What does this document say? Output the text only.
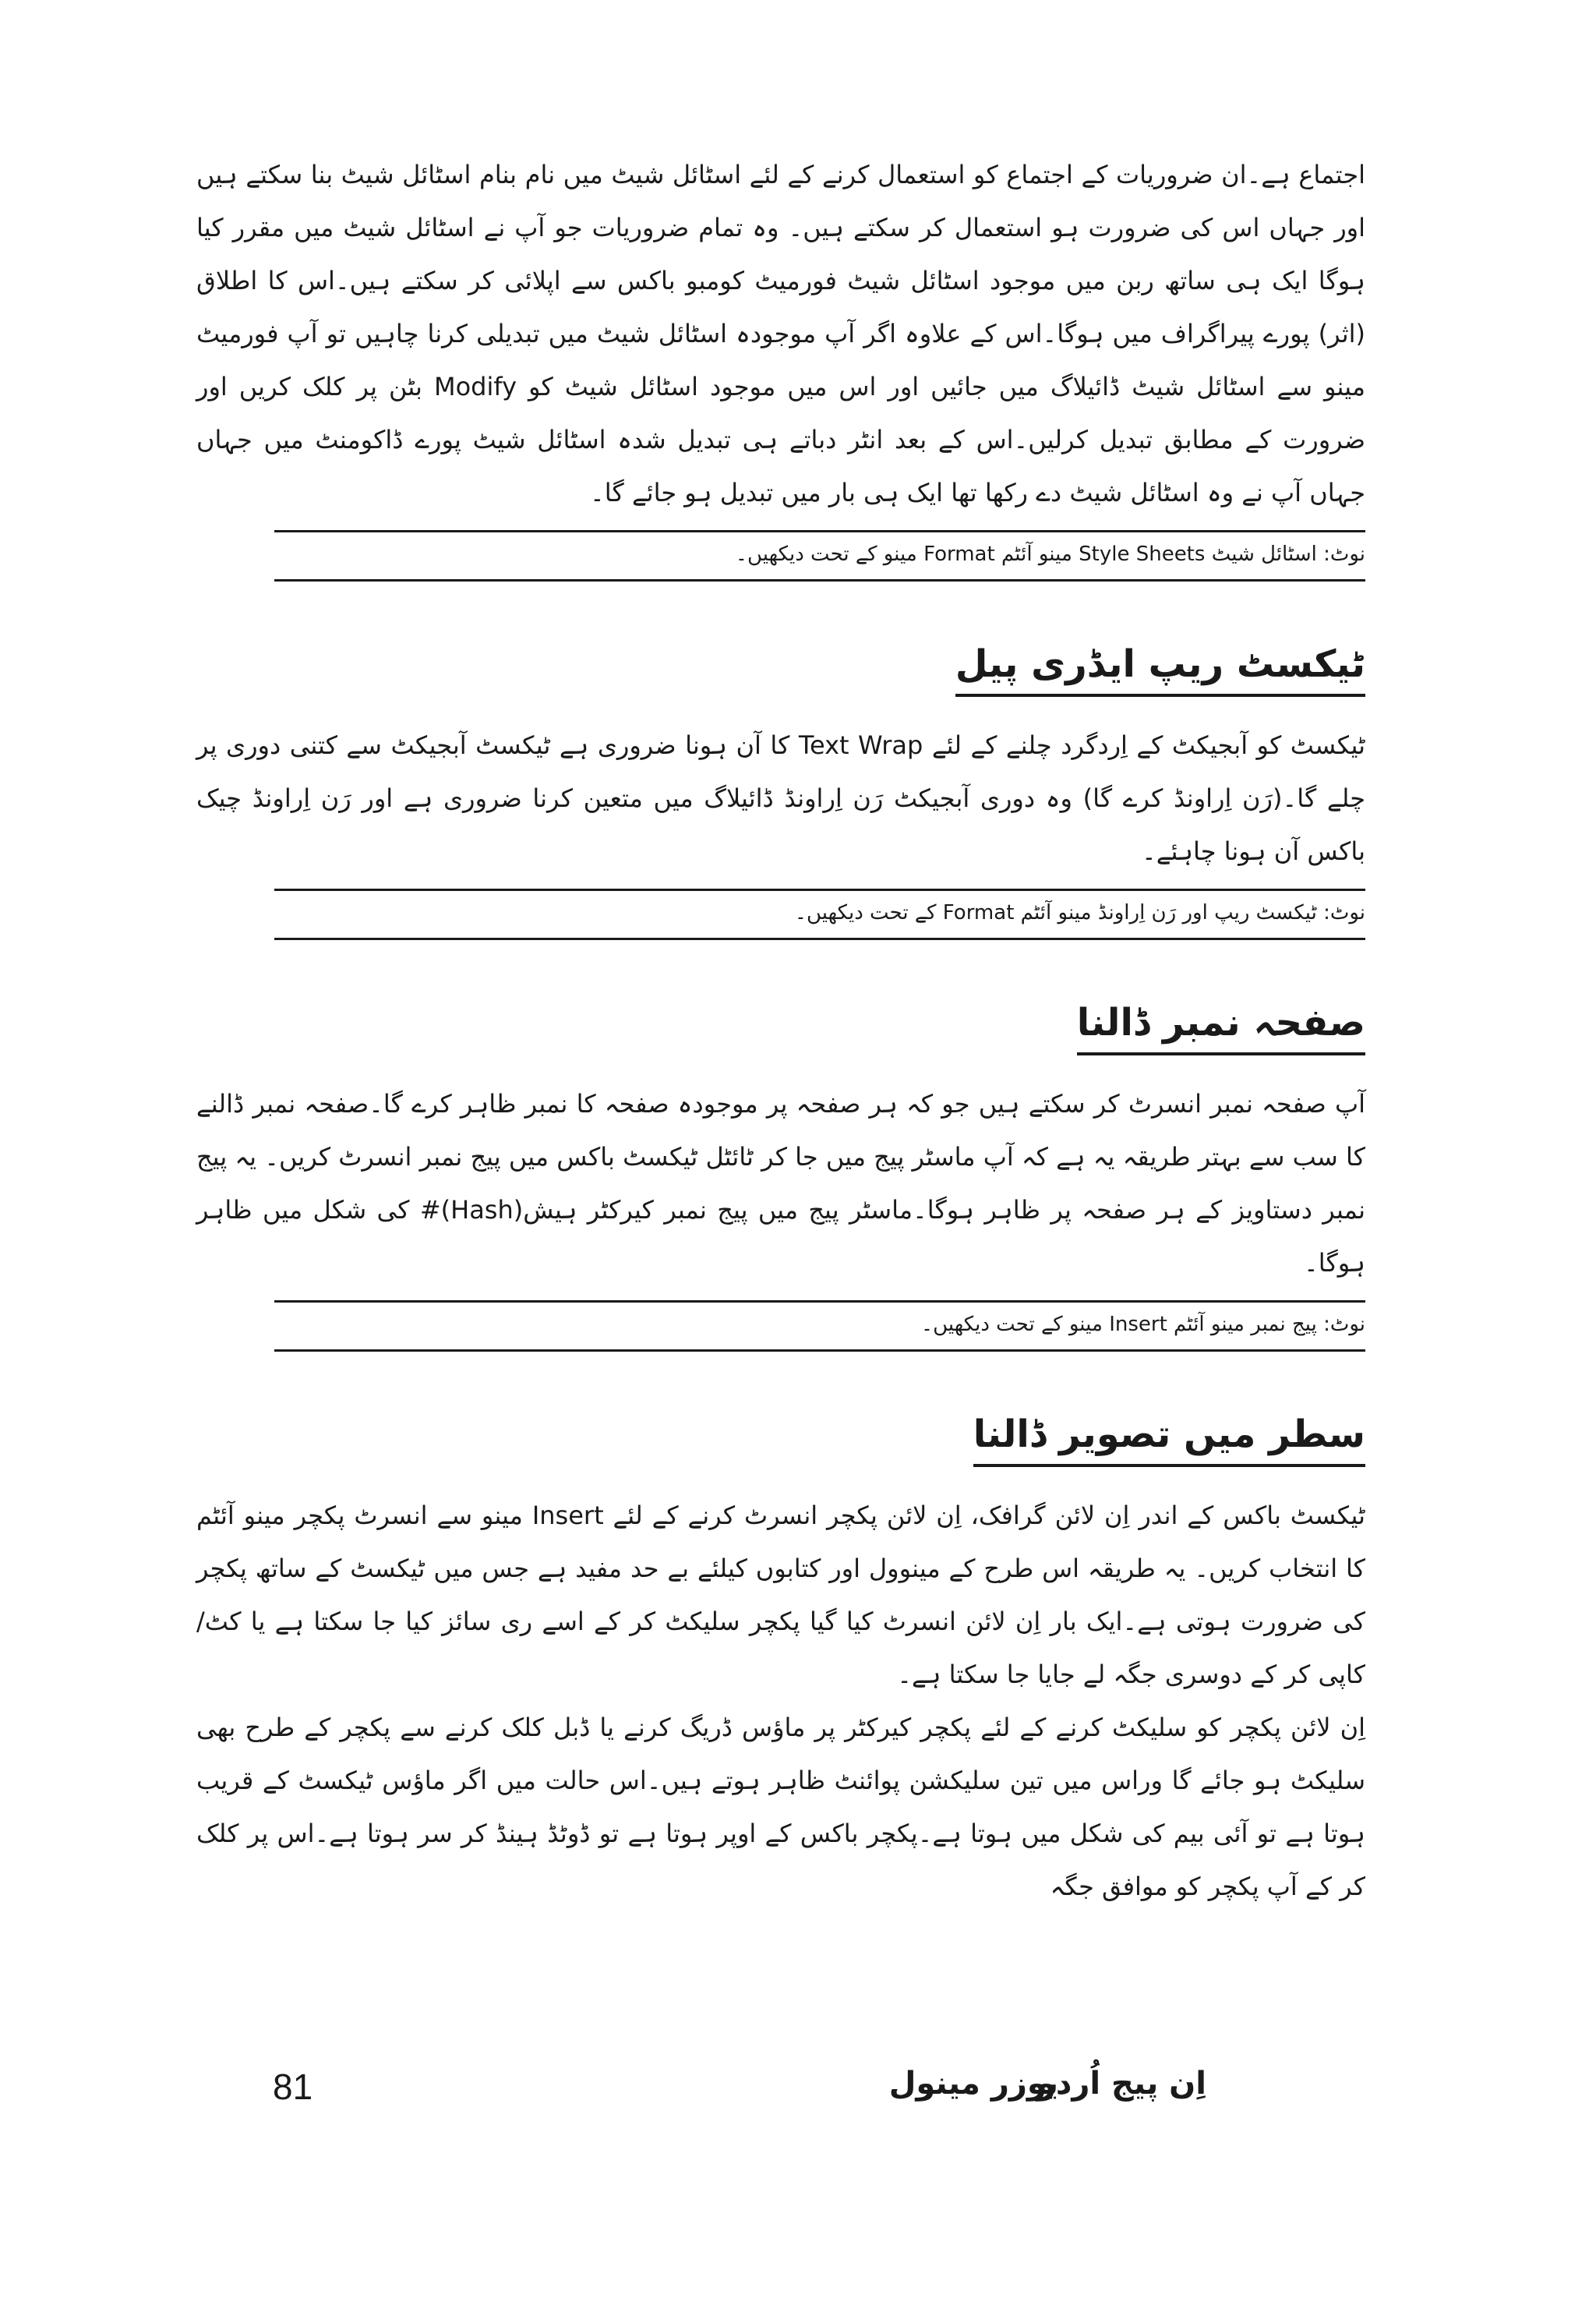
اجتماع ہے۔ان ضروریات کے اجتماع کو استعمال کرنے کے لئے اسٹائل شیٹ میں نام بنام اسٹائل شیٹ بنا سکتے ہیں اور جہاں اس کی ضرورت ہو استعمال کر سکتے ہیں۔ وہ تمام ضروریات جو آپ نے اسٹائل شیٹ میں مقرر کیا ہوگا ایک ہی ساتھ ربن میں موجود اسٹائل شیٹ فورمیٹ کومبو باکس سے اپلائی کر سکتے ہیں۔اس کا اطلاق (اثر) پورے پیراگراف میں ہوگا۔اس کے علاوہ اگر آپ موجودہ اسٹائل شیٹ میں تبدیلی کرنا چاہیں تو آپ فورمیٹ مینو سے اسٹائل شیٹ ڈائیلاگ میں جائیں اور اس میں موجود اسٹائل شیٹ کو Modify بٹن پر کلک کریں اور ضرورت کے مطابق تبدیل کرلیں۔اس کے بعد انٹر دباتے ہی تبدیل شدہ اسٹائل شیٹ پورے ڈاکومنٹ میں جہاں جہاں آپ نے وہ اسٹائل شیٹ دے رکھا تھا ایک ہی بار میں تبدیل ہو جائے گا۔

نوٹ: اسٹائل شیٹ Style Sheets مینو آئٹم Format مینو کے تحت دیکھیں۔
ٹیکسٹ ریپ ایڈری پیل

ٹیکسٹ کو آبجیکٹ کے اِردگرد چلنے کے لئے Text Wrap کا آن ہونا ضروری ہے ٹیکسٹ آبجیکٹ سے کتنی دوری پر چلے گا۔(رَن اِراونڈ کرے گا) وہ دوری آبجیکٹ رَن اِراونڈ ڈائیلاگ میں متعین کرنا ضروری ہے اور رَن اِراونڈ چیک باکس آن ہونا چاہئے۔

نوٹ: ٹیکسٹ ریپ اور رَن اِراونڈ مینو آئٹم Format کے تحت دیکھیں۔
صفحہ نمبر ڈالنا

آپ صفحہ نمبر انسرٹ کر سکتے ہیں جو کہ ہر صفحہ پر موجودہ صفحہ کا نمبر ظاہر کرے گا۔صفحہ نمبر ڈالنے کا سب سے بہتر طریقہ یہ ہے کہ آپ ماسٹر پیج میں جا کر ٹائٹل ٹیکسٹ باکس میں پیج نمبر انسرٹ کریں۔ یہ پیج نمبر دستاویز کے ہر صفحہ پر ظاہر ہوگا۔ماسٹر پیج میں پیج نمبر کیرکٹر ہیش(Hash)# کی شکل میں ظاہر ہوگا۔

نوٹ: پیج نمبر مینو آئٹم Insert مینو کے تحت دیکھیں۔
سطر میں تصویر ڈالنا

ٹیکسٹ باکس کے اندر اِن لائن گرافک، اِن لائن پکچر انسرٹ کرنے کے لئے Insert مینو سے انسرٹ پکچر مینو آئٹم کا انتخاب کریں۔ یہ طریقہ اس طرح کے مینوول اور کتابوں کیلئے بے حد مفید ہے جس میں ٹیکسٹ کے ساتھ پکچر کی ضرورت ہوتی ہے۔ایک بار اِن لائن انسرٹ کیا گیا پکچر سلیکٹ کر کے اسے ری سائز کیا جا سکتا ہے یا کٹ/کاپی کر کے دوسری جگہ لے جایا جا سکتا ہے۔

اِن لائن پکچر کو سلیکٹ کرنے کے لئے پکچر کیرکٹر پر ماؤس ڈریگ کرنے یا ڈبل کلک کرنے سے پکچر کے طرح بھی سلیکٹ ہو جائے گا وراس میں تین سلیکشن پوائنٹ ظاہر ہوتے ہیں۔اس حالت میں اگر ماؤس ٹیکسٹ کے قریب ہوتا ہے تو آئی بیم کی شکل میں ہوتا ہے۔پکچر باکس کے اوپر ہوتا ہے تو ڈوٹڈ ہینڈ کر سر ہوتا ہے۔اس پر کلک کر کے آپ پکچر کو موافق جگہ

81	یوزر مینول
اِن پیج اُردو
